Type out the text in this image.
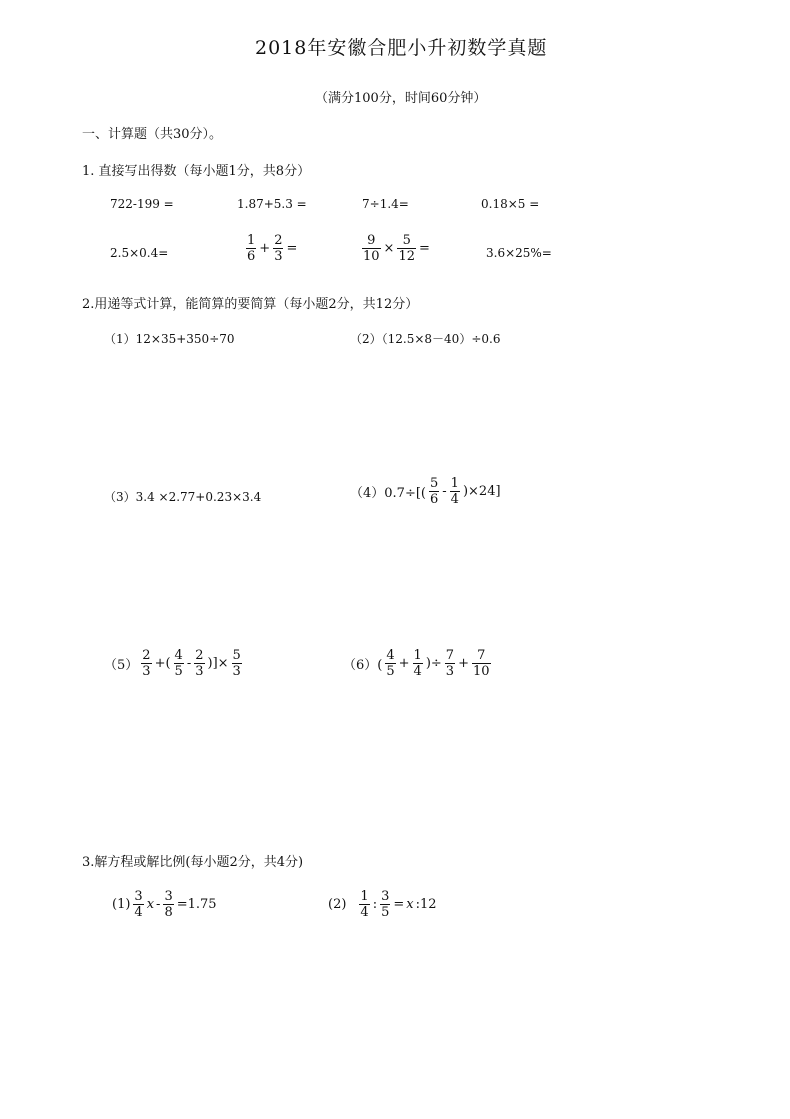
2018年安徽合肥小升初数学真题
（满分100分，时间60分钟）
一、计算题（共30分）。
1. 直接写出得数（每小题1分，共8分）
722-199 =	1.87+5.3 =	7÷1.4=	0.18×5 =
2.5×0.4=	$\frac{1}{6} + \frac{2}{3}$ =	$\frac{9}{10} \times \frac{5}{12}$ =	3.6×25%=
2.用递等式计算，能简算的要简算（每小题2分，共12分）
（1）12×35+350÷70	（2）（12.5×8－40）÷0.6
（3）3.4 ×2.77+0.23×3.4	$(4)0.7\div[( \frac{5}{6} - \frac{1}{4} )\times 24]$
$(5) \frac{2}{3}$ +( $\frac{4}{5} - \frac{2}{3}$ )]× $\frac{5}{3}$	$(6)( \frac{4}{5} + \frac{1}{4}$ )÷ $\frac{7}{3} + \frac{7}{10}$
3.解方程或解比例(每小题2分，共4分)
$(1) \frac{3}{4}$ $x - \frac{3}{8} =1.75$	$(2) \frac{1}{4}$ : $\frac{3}{5} = x$ :12
